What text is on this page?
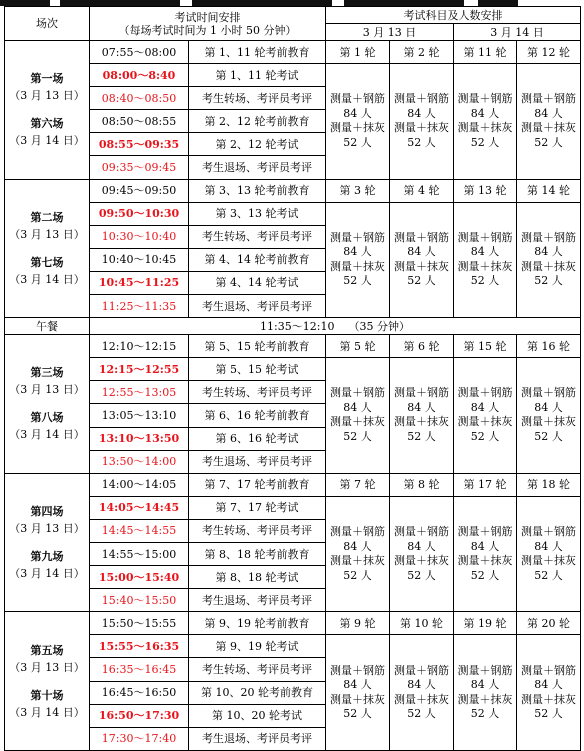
场次	考试时间安排
（每场考试时间为 1 小时 50 分钟）		考试科目及人数安排			
			3 月 13 日		3 月 14 日	

第一场
（3 月 13 日）
第六场
（3 月 14 日）	07:55～08:00	第 1、11 轮考前教育	第 1 轮	第 2 轮	第 11 轮	第 12 轮
	08:00～8:40	第 1、11 轮考试	测量＋钢筋
84 人
测量＋抹灰
52 人	测量＋钢筋
84 人
测量＋抹灰
52 人	测量＋钢筋
84 人
测量＋抹灰
52 人	测量＋钢筋
84 人
测量＋抹灰
52 人

	08:40～08:50	考生转场、考评员考评				
	08:50～08:55	第 2、12 轮考前教育				
	08:55～09:35	第 2、12 轮考试				
	09:35～09:45	考生退场、考评员考评				

第二场
（3 月 13 日）
第七场
（3 月 14 日）	09:45～09:50	第 3、13 轮考前教育	第 3 轮	第 4 轮	第 13 轮	第 14 轮
	09:50～10:30	第 3、13 轮考试	测量＋钢筋
84 人
测量＋抹灰
52 人	测量＋钢筋
84 人
测量＋抹灰
52 人	测量＋钢筋
84 人
测量＋抹灰
52 人	测量＋钢筋
84 人
测量＋抹灰
52 人

	10:30～10:40	考生转场、考评员考评				
	10:40～10:45	第 4、14 轮考前教育				
	10:45～11:25	第 4、14 轮考试				
	11:25～11:35	考生退场、考评员考评				
午餐	11:35～12:10 （35 分钟）					

第三场
（3 月 13 日）
第八场
（3 月 14 日）	12:10～12:15	第 5、15 轮考前教育	第 5 轮	第 6 轮	第 15 轮	第 16 轮
	12:15～12:55	第 5、15 轮考试	测量＋钢筋
84 人
测量＋抹灰
52 人	测量＋钢筋
84 人
测量＋抹灰
52 人	测量＋钢筋
84 人
测量＋抹灰
52 人	测量＋钢筋
84 人
测量＋抹灰
52 人

	12:55～13:05	考生转场、考评员考评				
	13:05～13:10	第 6、16 轮考前教育				
	13:10～13:50	第 6、16 轮考试				
	13:50～14:00	考生退场、考评员考评				

第四场
（3 月 13 日）
第九场
（3 月 14 日）	14:00～14:05	第 7、17 轮考前教育	第 7 轮	第 8 轮	第 17 轮	第 18 轮
	14:05～14:45	第 7、17 轮考试	测量＋钢筋
84 人
测量＋抹灰
52 人	测量＋钢筋
84 人
测量＋抹灰
52 人	测量＋钢筋
84 人
测量＋抹灰
52 人	测量＋钢筋
84 人
测量＋抹灰
52 人

	14:45～14:55	考生转场、考评员考评				
	14:55～15:00	第 8、18 轮考前教育				
	15:00～15:40	第 8、18 轮考试				
	15:40～15:50	考生退场、考评员考评				

第五场
（3 月 13 日）
第十场
（3 月 14 日）	15:50～15:55	第 9、19 轮考前教育	第 9 轮	第 10 轮	第 19 轮	第 20 轮
	15:55～16:35	第 9、19 轮考试	测量＋钢筋
84 人
测量＋抹灰
52 人	测量＋钢筋
84 人
测量＋抹灰
52 人	测量＋钢筋
84 人
测量＋抹灰
52 人	测量＋钢筋
84 人
测量＋抹灰
52 人

	16:35～16:45	考生转场、考评员考评				
	16:45～16:50	第 10、20 轮考前教育				
	16:50～17:30	第 10、20 轮考试				
	17:30～17:40	考生退场、考评员考评				
